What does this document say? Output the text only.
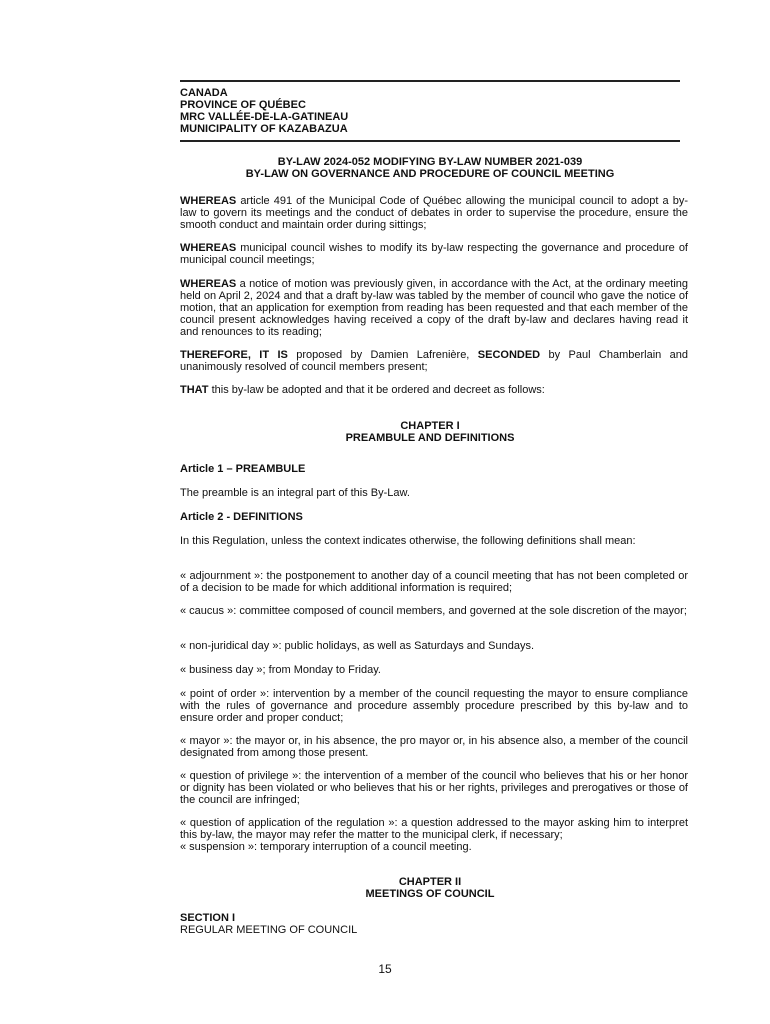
CANADA
PROVINCE OF QUÉBEC
MRC VALLÉE-DE-LA-GATINEAU
MUNICIPALITY OF KAZABAZUA
BY-LAW 2024-052 MODIFYING BY-LAW NUMBER 2021-039
BY-LAW ON GOVERNANCE AND PROCEDURE OF COUNCIL MEETING
WHEREAS article 491 of the Municipal Code of Québec allowing the municipal council to adopt a by-law to govern its meetings and the conduct of debates in order to supervise the procedure, ensure the smooth conduct and maintain order during sittings;
WHEREAS municipal council wishes to modify its by-law respecting the governance and procedure of municipal council meetings;
WHEREAS a notice of motion was previously given, in accordance with the Act, at the ordinary meeting held on April 2, 2024 and that a draft by-law was tabled by the member of council who gave the notice of motion, that an application for exemption from reading has been requested and that each member of the council present acknowledges having received a copy of the draft by-law and declares having read it and renounces to its reading;
THEREFORE, IT IS proposed by Damien Lafrenière, SECONDED by Paul Chamberlain and unanimously resolved of council members present;
THAT this by-law be adopted and that it be ordered and decreet as follows:
CHAPTER I
PREAMBULE AND DEFINITIONS
Article 1 – PREAMBULE
The preamble is an integral part of this By-Law.
Article 2 - DEFINITIONS
In this Regulation, unless the context indicates otherwise, the following definitions shall mean:
« adjournment »: the postponement to another day of a council meeting that has not been completed or of a decision to be made for which additional information is required;
« caucus »: committee composed of council members, and governed at the sole discretion of the mayor;
« non-juridical day »: public holidays, as well as Saturdays and Sundays.
« business day »; from Monday to Friday.
« point of order »: intervention by a member of the council requesting the mayor to ensure compliance with the rules of governance and procedure assembly procedure prescribed by this by-law and to ensure order and proper conduct;
« mayor »: the mayor or, in his absence, the pro mayor or, in his absence also, a member of the council designated from among those present.
« question of privilege »: the intervention of a member of the council who believes that his or her honor or dignity has been violated or who believes that his or her rights, privileges and prerogatives or those of the council are infringed;
« question of application of the regulation »: a question addressed to the mayor asking him to interpret this by-law, the mayor may refer the matter to the municipal clerk, if necessary;
« suspension »: temporary interruption of a council meeting.
CHAPTER II
MEETINGS OF COUNCIL
SECTION I
REGULAR MEETING OF COUNCIL
15
